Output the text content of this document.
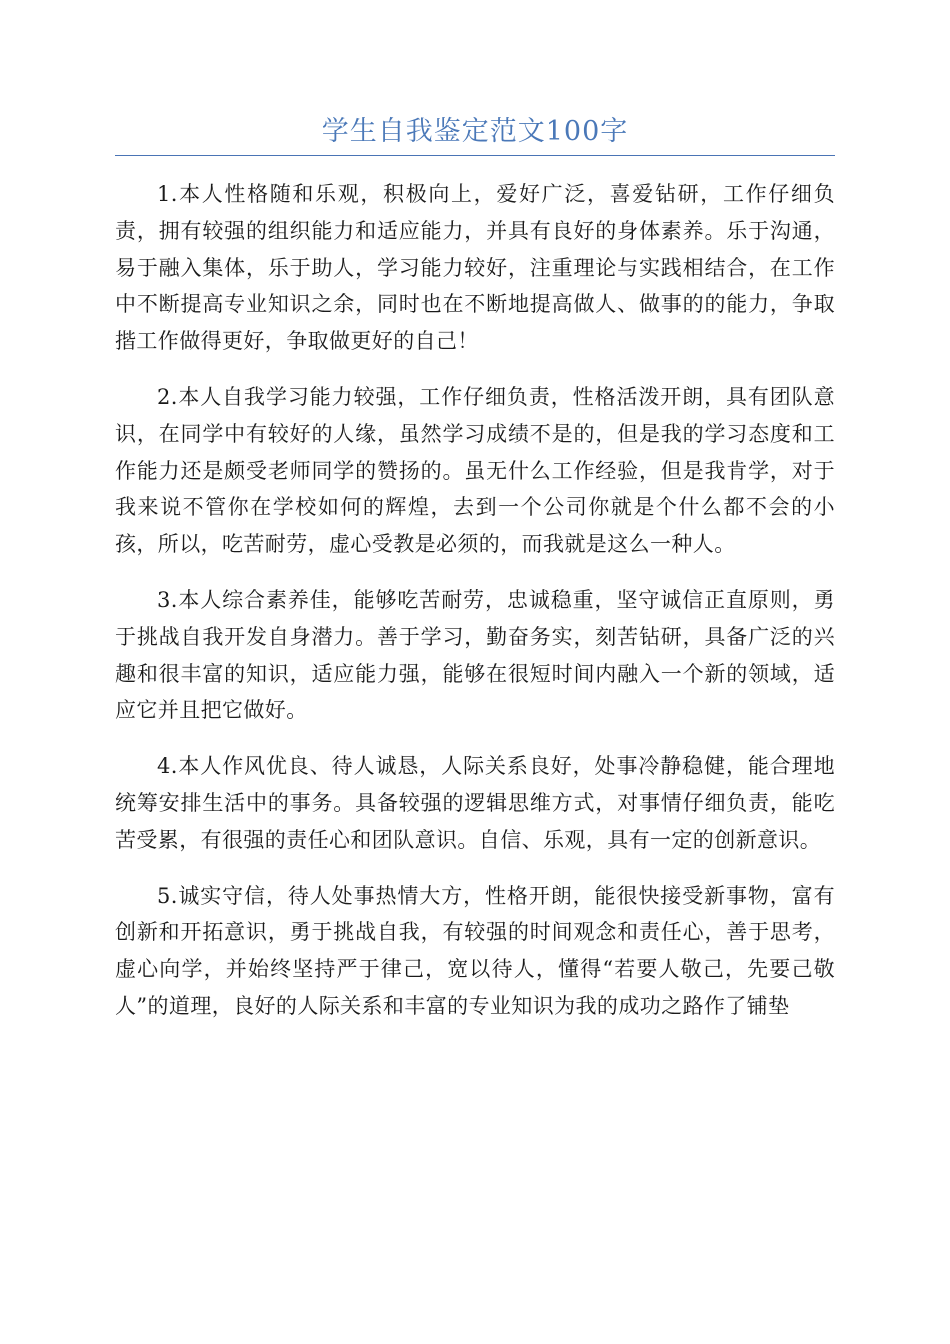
学生自我鉴定范文100字

1.本人性格随和乐观，积极向上，爱好广泛，喜爱钻研，工作仔细负责，拥有较强的组织能力和适应能力，并具有良好的身体素养。乐于沟通，易于融入集体，乐于助人，学习能力较好，注重理论与实践相结合，在工作中不断提高专业知识之余，同时也在不断地提高做人、做事的的能力，争取揩工作做得更好，争取做更好的自己！

2.本人自我学习能力较强，工作仔细负责，性格活泼开朗，具有团队意识，在同学中有较好的人缘，虽然学习成绩不是的，但是我的学习态度和工作能力还是颇受老师同学的赞扬的。虽无什么工作经验，但是我肯学，对于我来说不管你在学校如何的辉煌，去到一个公司你就是个什么都不会的小孩，所以，吃苦耐劳，虚心受教是必须的，而我就是这么一种人。

3.本人综合素养佳，能够吃苦耐劳，忠诚稳重，坚守诚信正直原则，勇于挑战自我开发自身潜力。善于学习，勤奋务实，刻苦钻研，具备广泛的兴趣和很丰富的知识，适应能力强，能够在很短时间内融入一个新的领域，适应它并且把它做好。

4.本人作风优良、待人诚恳，人际关系良好，处事冷静稳健，能合理地统筹安排生活中的事务。具备较强的逻辑思维方式，对事情仔细负责，能吃苦受累，有很强的责任心和团队意识。自信、乐观，具有一定的创新意识。

5.诚实守信，待人处事热情大方，性格开朗，能很快接受新事物，富有创新和开拓意识，勇于挑战自我，有较强的时间观念和责任心，善于思考，虚心向学，并始终坚持严于律己，宽以待人，懂得“若要人敬己，先要己敬人”的道理，良好的人际关系和丰富的专业知识为我的成功之路作了铺垫
